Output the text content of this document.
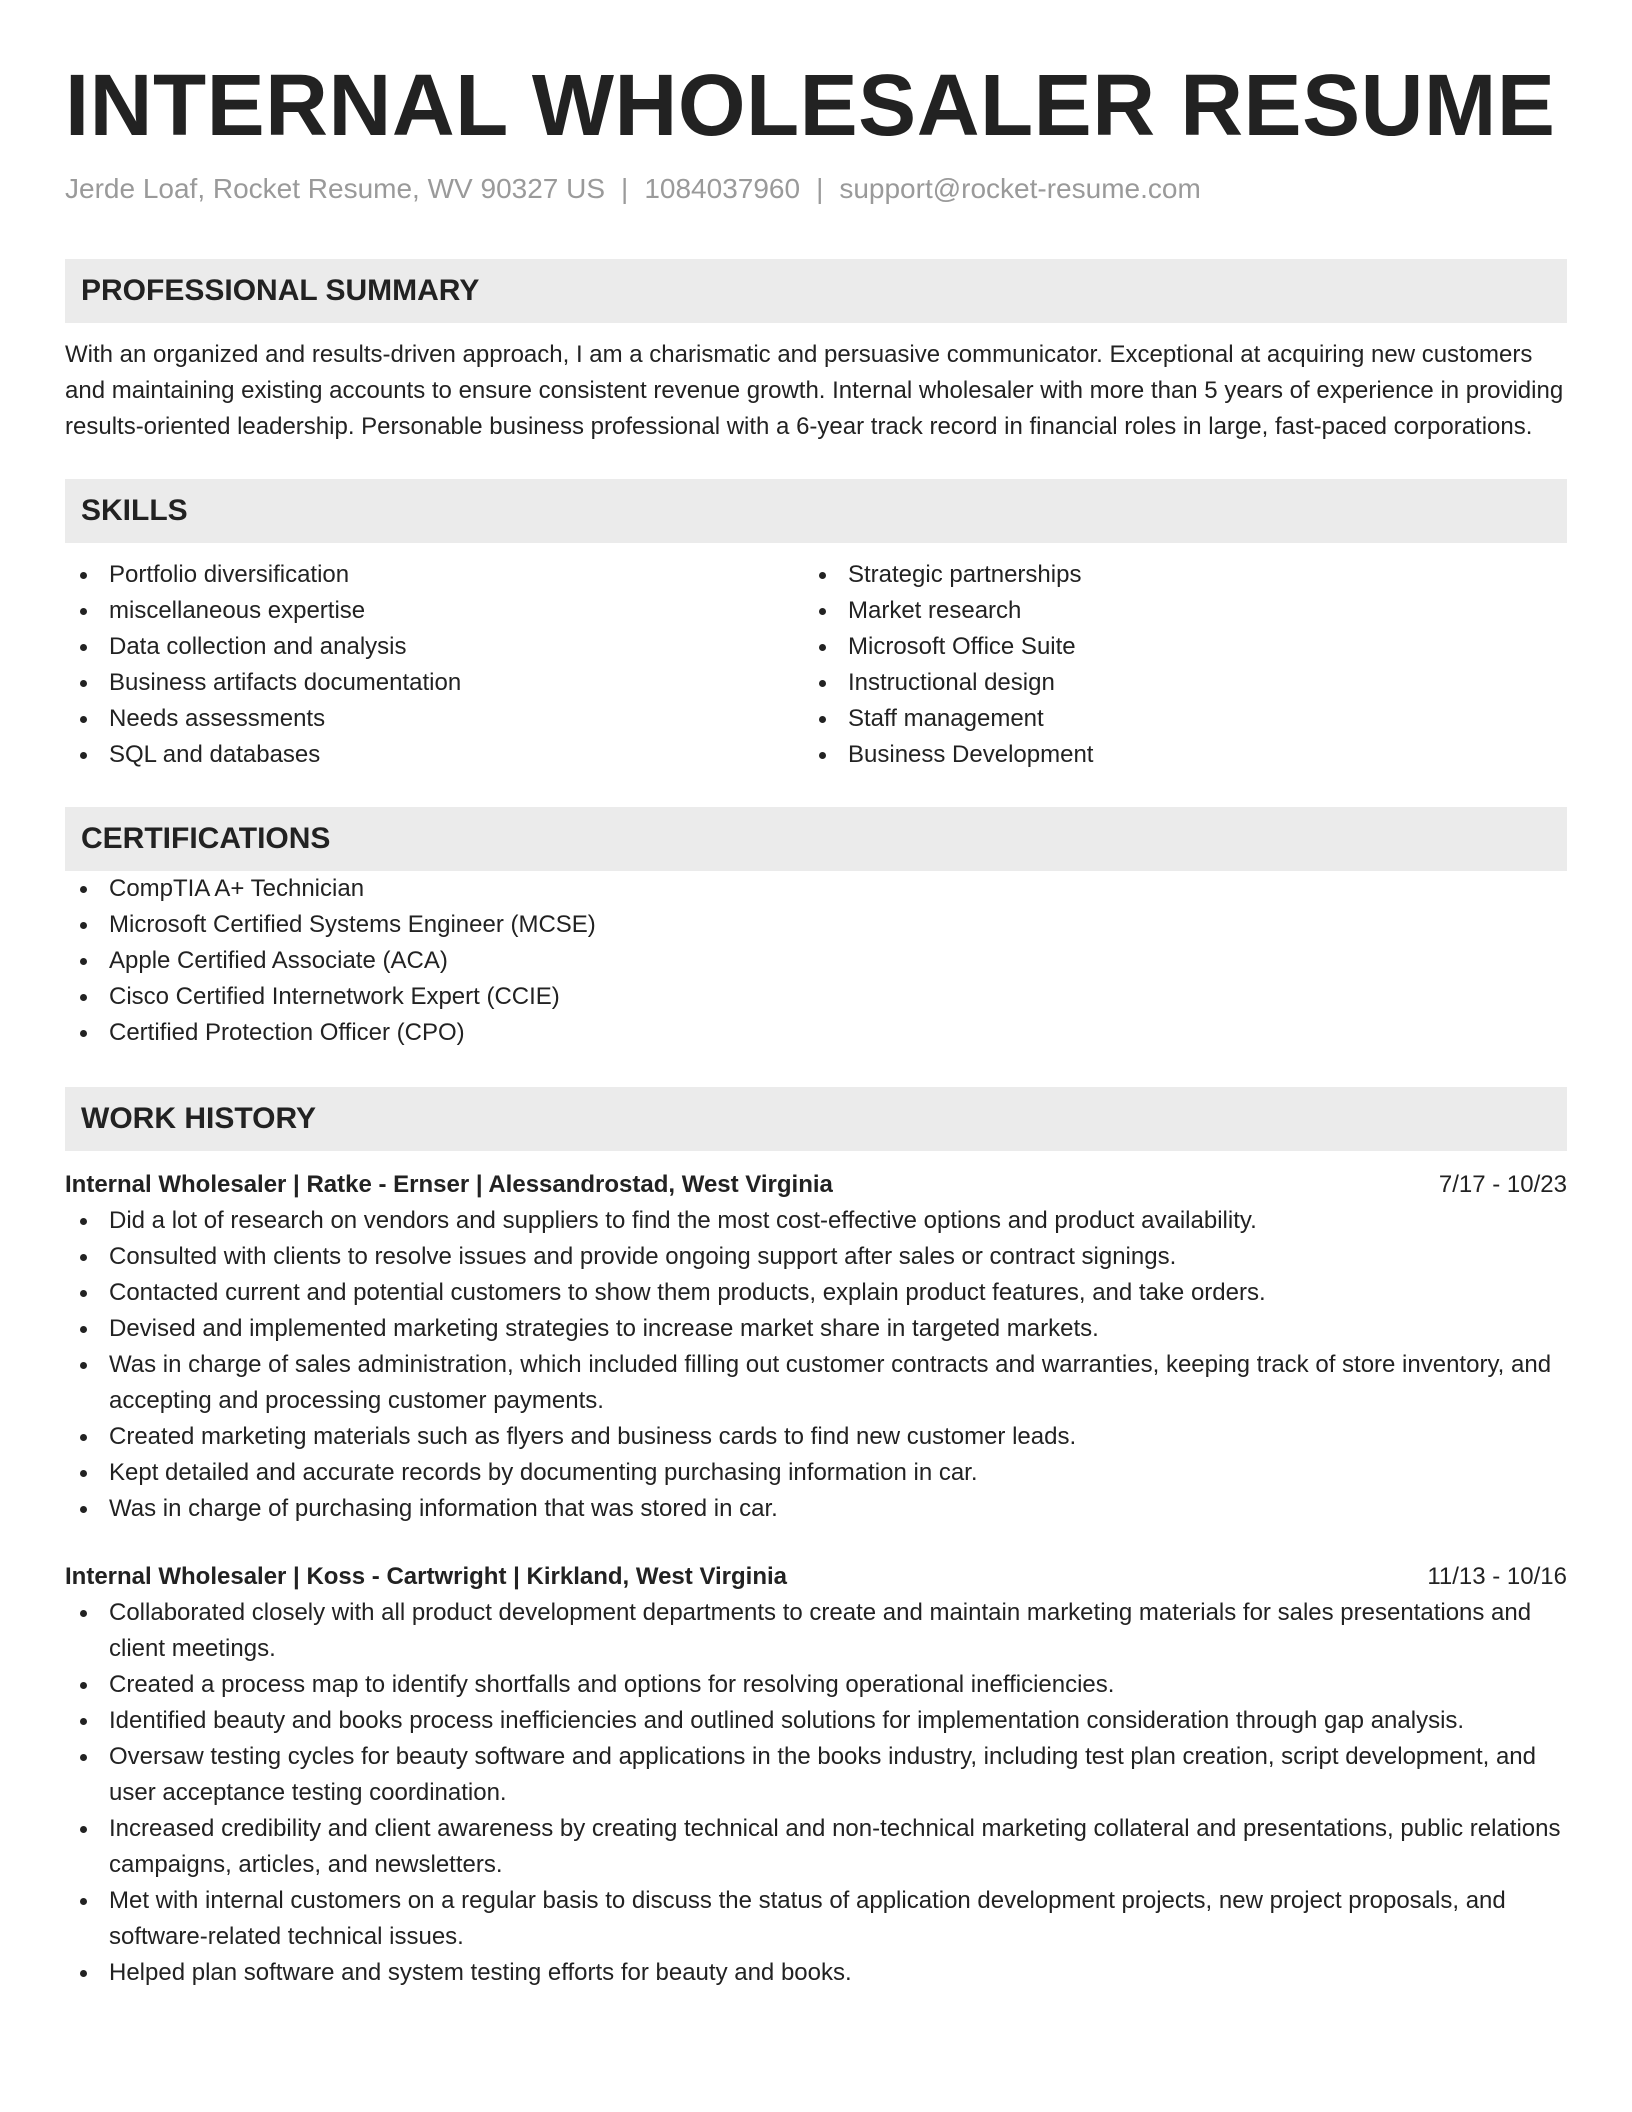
INTERNAL WHOLESALER RESUME
Jerde Loaf, Rocket Resume, WV 90327 US | 1084037960 | support@rocket-resume.com
PROFESSIONAL SUMMARY

With an organized and results-driven approach, I am a charismatic and persuasive communicator. Exceptional at acquiring new customers and maintaining existing accounts to ensure consistent revenue growth. Internal wholesaler with more than 5 years of experience in providing results-oriented leadership. Personable business professional with a 6-year track record in financial roles in large, fast-paced corporations.

SKILLS
Portfolio diversification
miscellaneous expertise
Data collection and analysis
Business artifacts documentation
Needs assessments
SQL and databases
Strategic partnerships
Market research
Microsoft Office Suite
Instructional design
Staff management
Business Development
CERTIFICATIONS
CompTIA A+ Technician
Microsoft Certified Systems Engineer (MCSE)
Apple Certified Associate (ACA)
Cisco Certified Internetwork Expert (CCIE)
Certified Protection Officer (CPO)
WORK HISTORY
Internal Wholesaler | Ratke - Ernser | Alessandrostad, West Virginia	7/17 - 10/23
Did a lot of research on vendors and suppliers to find the most cost-effective options and product availability.
Consulted with clients to resolve issues and provide ongoing support after sales or contract signings.
Contacted current and potential customers to show them products, explain product features, and take orders.
Devised and implemented marketing strategies to increase market share in targeted markets.
Was in charge of sales administration, which included filling out customer contracts and warranties, keeping track of store inventory, and accepting and processing customer payments.
Created marketing materials such as flyers and business cards to find new customer leads.
Kept detailed and accurate records by documenting purchasing information in car.
Was in charge of purchasing information that was stored in car.
Internal Wholesaler | Koss - Cartwright | Kirkland, West Virginia	11/13 - 10/16
Collaborated closely with all product development departments to create and maintain marketing materials for sales presentations and client meetings.
Created a process map to identify shortfalls and options for resolving operational inefficiencies.
Identified beauty and books process inefficiencies and outlined solutions for implementation consideration through gap analysis.
Oversaw testing cycles for beauty software and applications in the books industry, including test plan creation, script development, and user acceptance testing coordination.
Increased credibility and client awareness by creating technical and non-technical marketing collateral and presentations, public relations campaigns, articles, and newsletters.
Met with internal customers on a regular basis to discuss the status of application development projects, new project proposals, and software-related technical issues.
Helped plan software and system testing efforts for beauty and books.
